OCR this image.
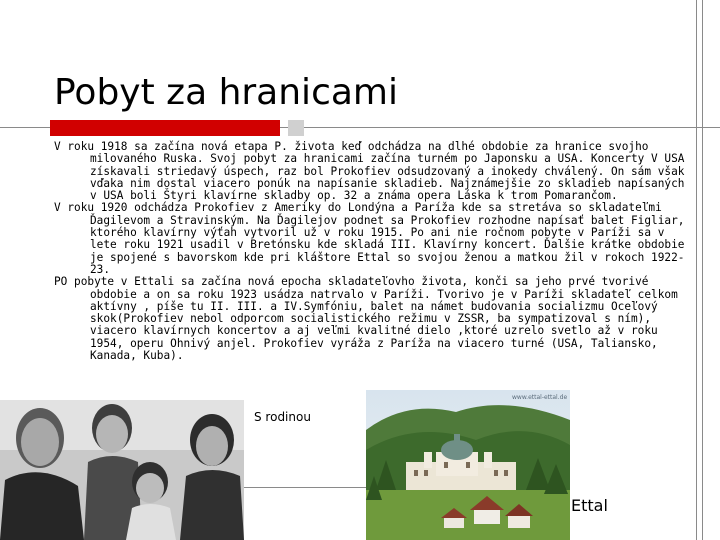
Pobyt za hranicami

V roku 1918 sa začína nová etapa P. života keď odchádza na dlhé obdobie za hranice svojho milovaného Ruska. Svoj pobyt za hranicami začína turném po Japonsku a USA. Koncerty V USA získavali striedavý úspech, raz bol Prokofiev odsudzovaný a inokedy chválený. On sám však vďaka nim dostal viacero ponúk na napísanie skladieb. Najznámejšie zo skladieb napísaných v USA boli Štyri klavírne skladby op. 32 a známa opera Láska k trom Pomarančom.

V roku 1920 odchádza Prokofiev z Ameriky do Londýna a Paríža kde sa stretáva so skladateľmi Ďagilevom a Stravinským. Na Ďagilejov podnet sa Prokofiev rozhodne napísať balet Figliar, ktorého klavírny výťah vytvoril už v roku 1915. Po ani nie ročnom pobyte v Paríži sa v lete roku 1921 usadil v Bretónsku kde skladá III. Klavírny koncert. Ďalšie krátke obdobie je spojené s bavorskom kde pri kláštore Ettal so svojou ženou a matkou žil v rokoch 1922-23.

PO pobyte v Ettali sa začína nová epocha skladateľovho života, konči sa jeho prvé tvorivé obdobie a on sa roku 1923 usádza natrvalo v Paríži. Tvorivo je v Paríži skladateľ celkom aktívny , píše tu II. III. a IV.Symfóniu, balet na námet budovania socializmu Oceľový skok(Prokofiev nebol odporcom socialistického režimu v ZSSR, ba sympatizoval s ním), viacero klavírnych koncertov a aj veľmi kvalitné dielo ,ktoré uzrelo svetlo až v roku 1954, operu Ohnivý anjel. Prokofiev vyráža z Paríža na viacero turné (USA, Taliansko, Kanada, Kuba).

S rodinou
www.ettal-ettal.de
Ettal
